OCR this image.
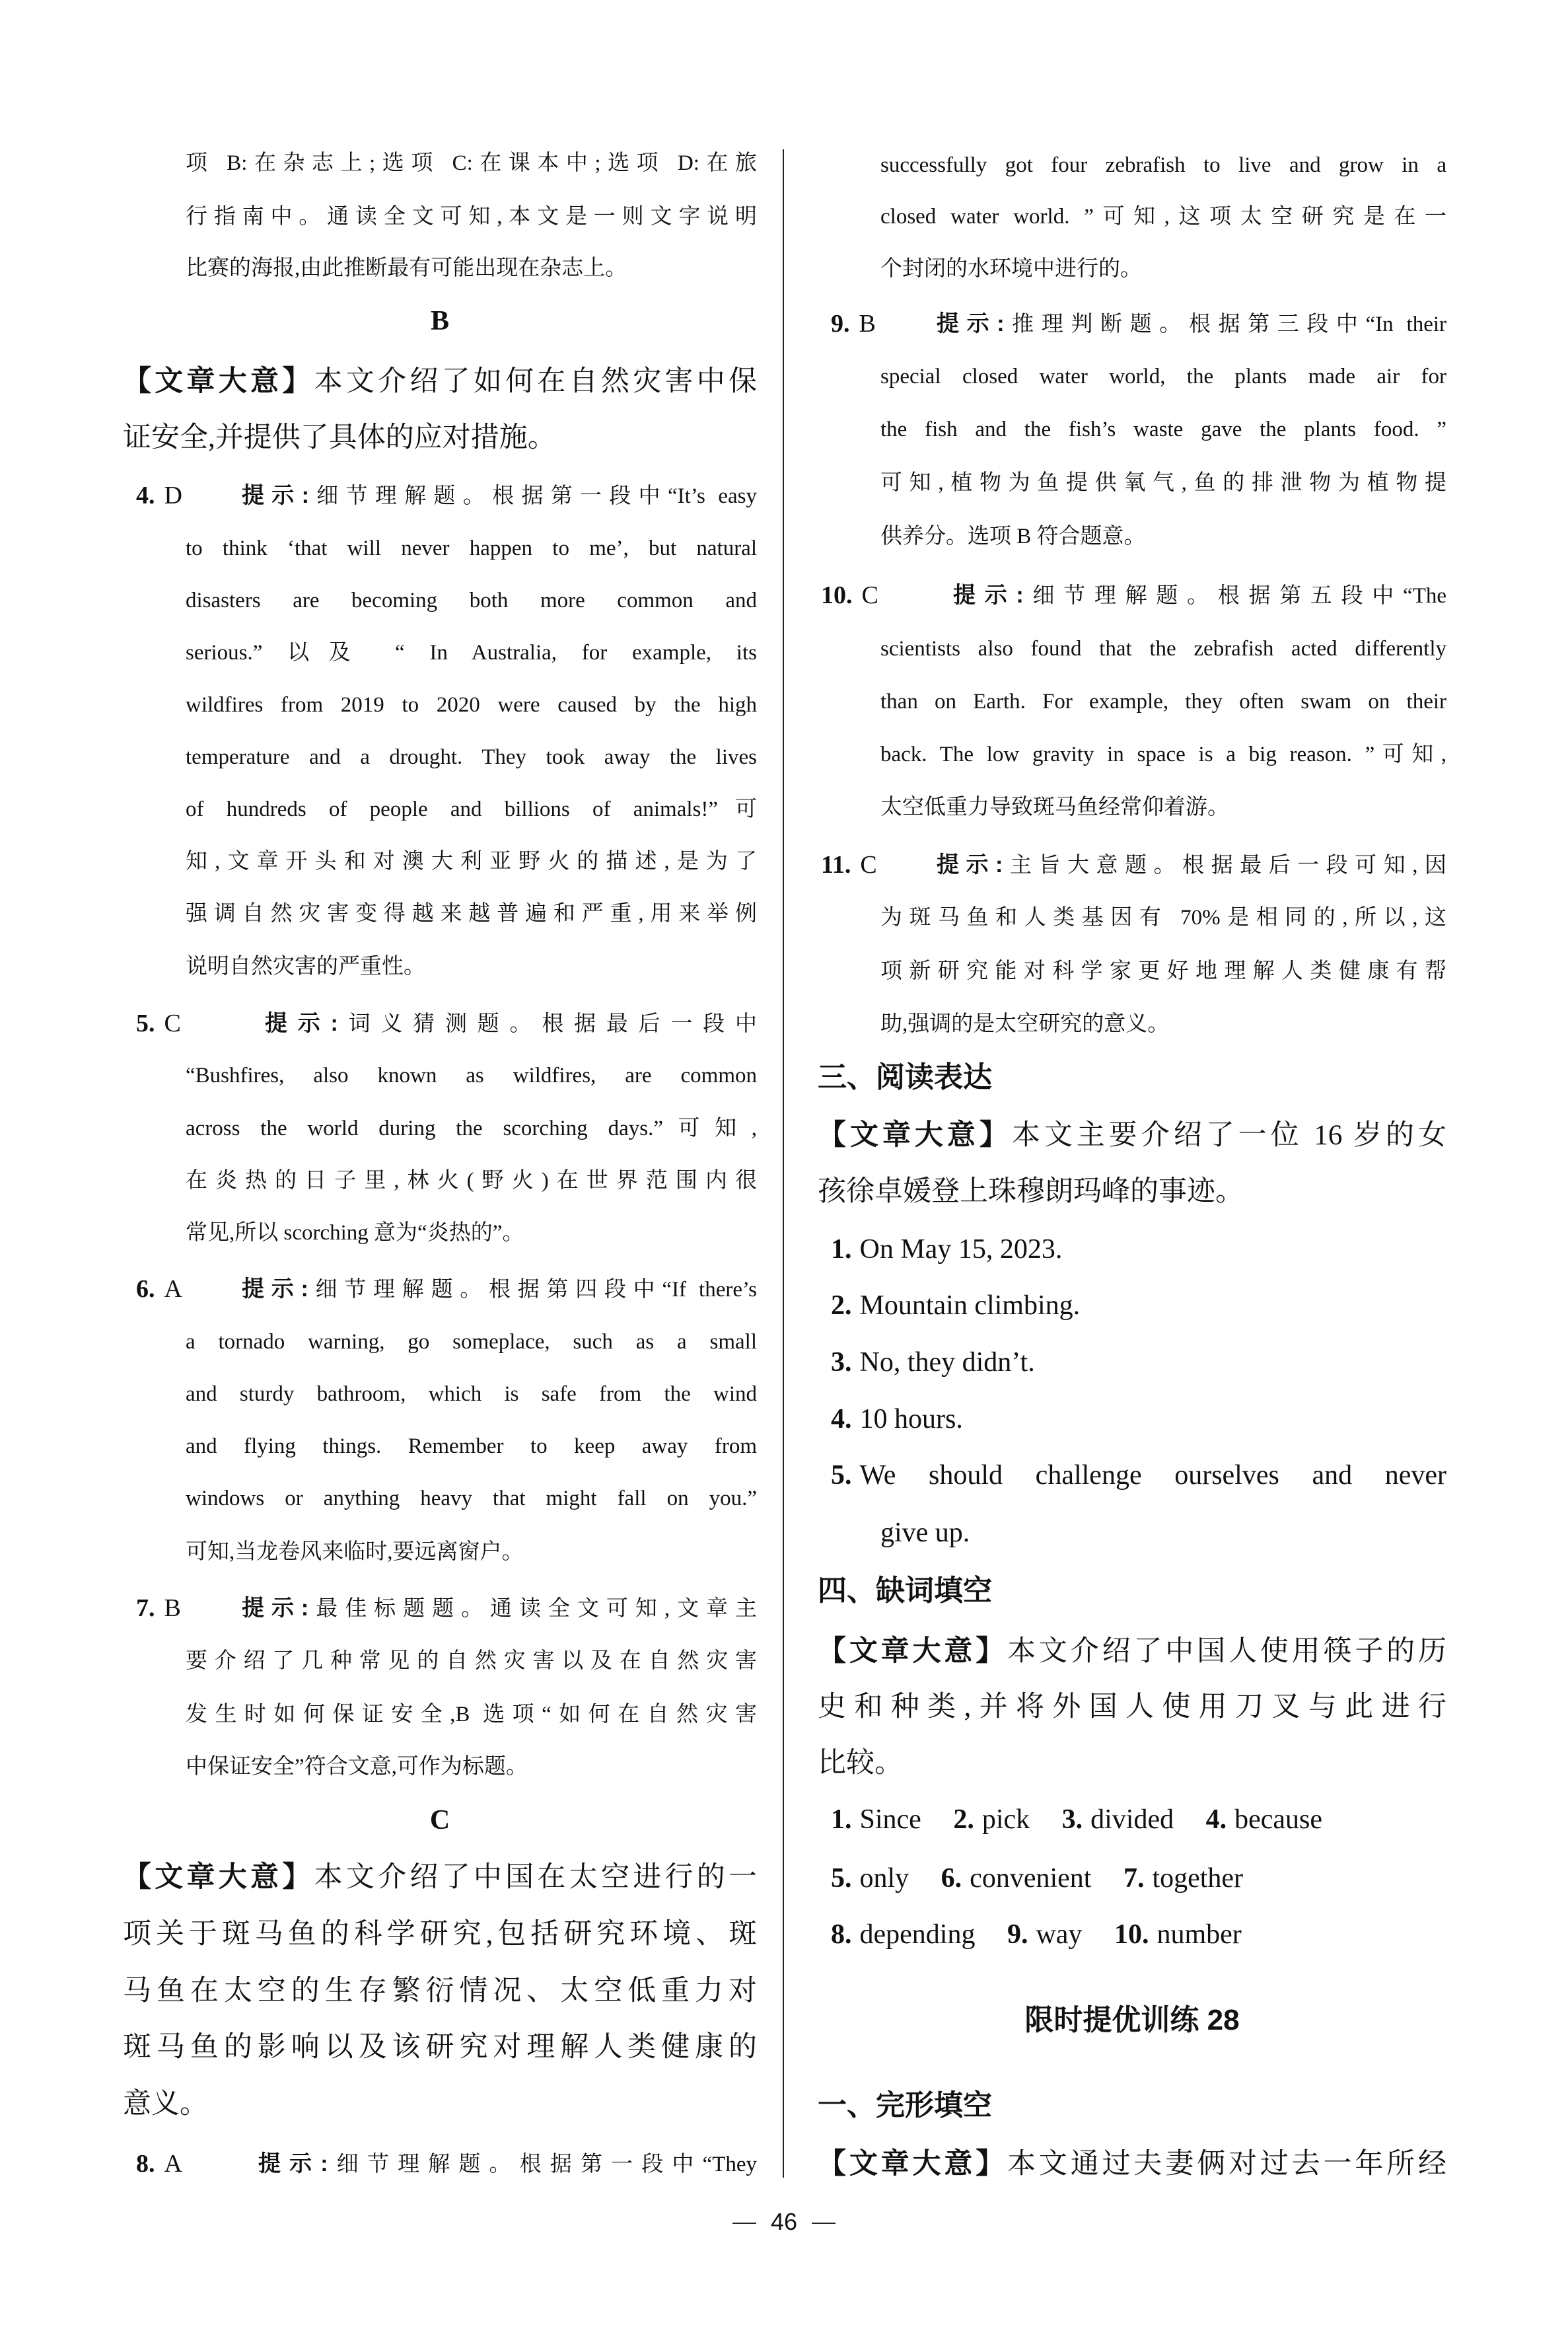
项 B:在杂志上;选项 C:在课本中;选项 D:在旅
行指南中。通读全文可知,本文是一则文字说明
比赛的海报,由此推断最有可能出现在杂志上。
B
【文章大意】本文介绍了如何在自然灾害中保
证安全,并提供了具体的应对措施。
4. D	提示:细节理解题。根据第一段中“It’s easy
to think ‘that will never happen to me’, but natural
disasters are becoming both more common and
serious.” 以及 “ In Australia, for example, its
wildfires from 2019 to 2020 were caused by the high
temperature and a drought. They took away the lives
of hundreds of people and billions of animals!”可
知,文章开头和对澳大利亚野火的描述,是为了
强调自然灾害变得越来越普遍和严重,用来举例
说明自然灾害的严重性。
5. C	提示:词义猜测题。根据最后一段中
“Bushfires, also known as wildfires, are common
across the world during the scorching days.”可知,
在炎热的日子里,林火(野火)在世界范围内很
常见,所以 scorching 意为“炎热的”。
6. A	提示:细节理解题。根据第四段中“If there’s
a tornado warning, go someplace, such as a small
and sturdy bathroom, which is safe from the wind
and flying things. Remember to keep away from
windows or anything heavy that might fall on you.”
可知,当龙卷风来临时,要远离窗户。
7. B	提示:最佳标题题。通读全文可知,文章主
要介绍了几种常见的自然灾害以及在自然灾害
发生时如何保证安全,B 选项“如何在自然灾害
中保证安全”符合文意,可作为标题。
C
【文章大意】本文介绍了中国在太空进行的一
项关于斑马鱼的科学研究,包括研究环境、斑
马鱼在太空的生存繁衍情况、太空低重力对
斑马鱼的影响以及该研究对理解人类健康的
意义。
8. A	提示:细节理解题。根据第一段中“They
successfully got four zebrafish to live and grow in a
closed water world. ”可知,这项太空研究是在一
个封闭的水环境中进行的。
9. B	提示:推理判断题。根据第三段中“In their
special closed water world, the plants made air for
the fish and the fish’s waste gave the plants food. ”
可知,植物为鱼提供氧气,鱼的排泄物为植物提
供养分。选项 B 符合题意。
10. C	提示:细节理解题。根据第五段中“The
scientists also found that the zebrafish acted differently
than on Earth. For example, they often swam on their
back. The low gravity in space is a big reason. ”可知,
太空低重力导致斑马鱼经常仰着游。
11. C	提示:主旨大意题。根据最后一段可知,因
为斑马鱼和人类基因有 70%是相同的,所以,这
项新研究能对科学家更好地理解人类健康有帮
助,强调的是太空研究的意义。
三、阅读表达
【文章大意】本文主要介绍了一位 16 岁的女
孩徐卓媛登上珠穆朗玛峰的事迹。
1. On May 15, 2023.
2. Mountain climbing.
3. No, they didn’t.
4. 10 hours.
5. We should challenge ourselves and never
give up.
四、缺词填空
【文章大意】本文介绍了中国人使用筷子的历
史和种类,并将外国人使用刀叉与此进行
比较。
1. Since 2. pick 3. divided 4. because
5. only 6. convenient 7. together
8. depending 9. way 10. number
限时提优训练 28
一、完形填空
【文章大意】本文通过夫妻俩对过去一年所经
46
